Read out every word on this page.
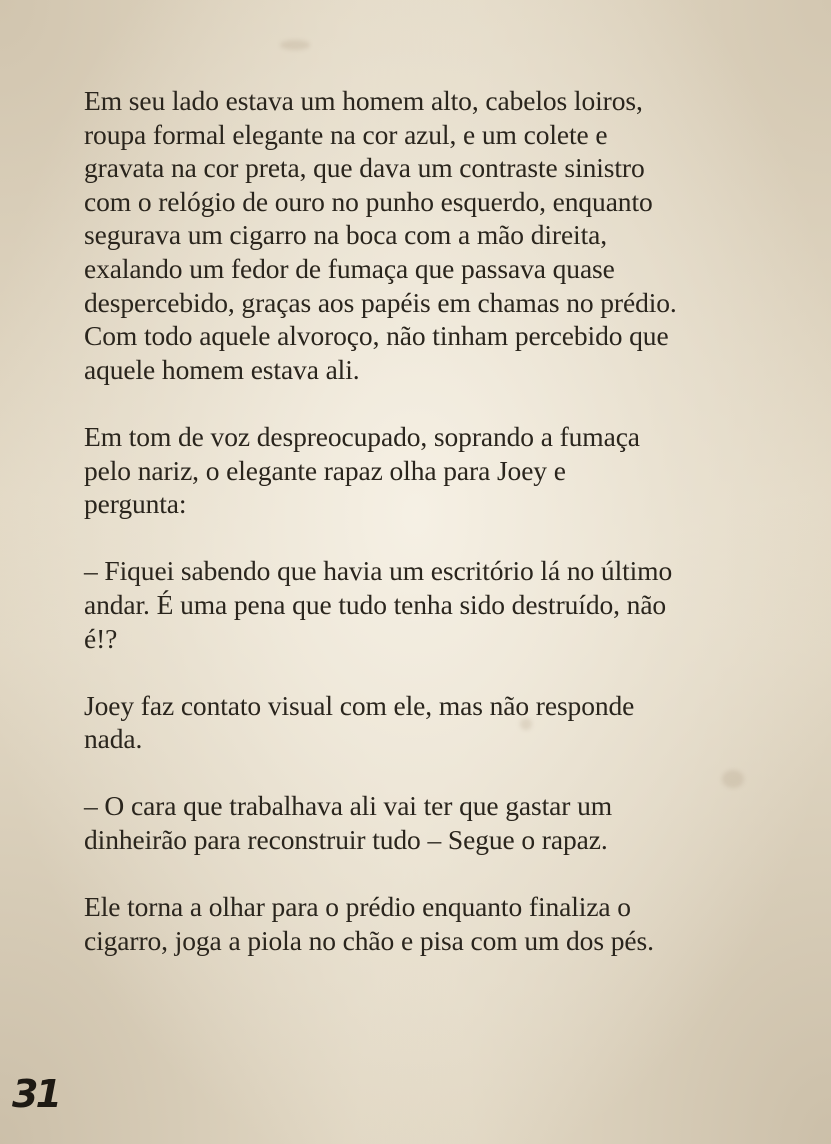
Em seu lado estava um homem alto, cabelos loiros,
roupa formal elegante na cor azul, e um colete e
gravata na cor preta, que dava um contraste sinistro
com o relógio de ouro no punho esquerdo, enquanto
segurava um cigarro na boca com a mão direita,
exalando um fedor de fumaça que passava quase
despercebido, graças aos papéis em chamas no prédio.
Com todo aquele alvoroço, não tinham percebido que
aquele homem estava ali.

Em tom de voz despreocupado, soprando a fumaça
pelo nariz, o elegante rapaz olha para Joey e
pergunta:

– Fiquei sabendo que havia um escritório lá no último
andar. É uma pena que tudo tenha sido destruído, não
é!?

Joey faz contato visual com ele, mas não responde
nada.

– O cara que trabalhava ali vai ter que gastar um
dinheirão para reconstruir tudo – Segue o rapaz.

Ele torna a olhar para o prédio enquanto finaliza o
cigarro, joga a piola no chão e pisa com um dos pés.

31
